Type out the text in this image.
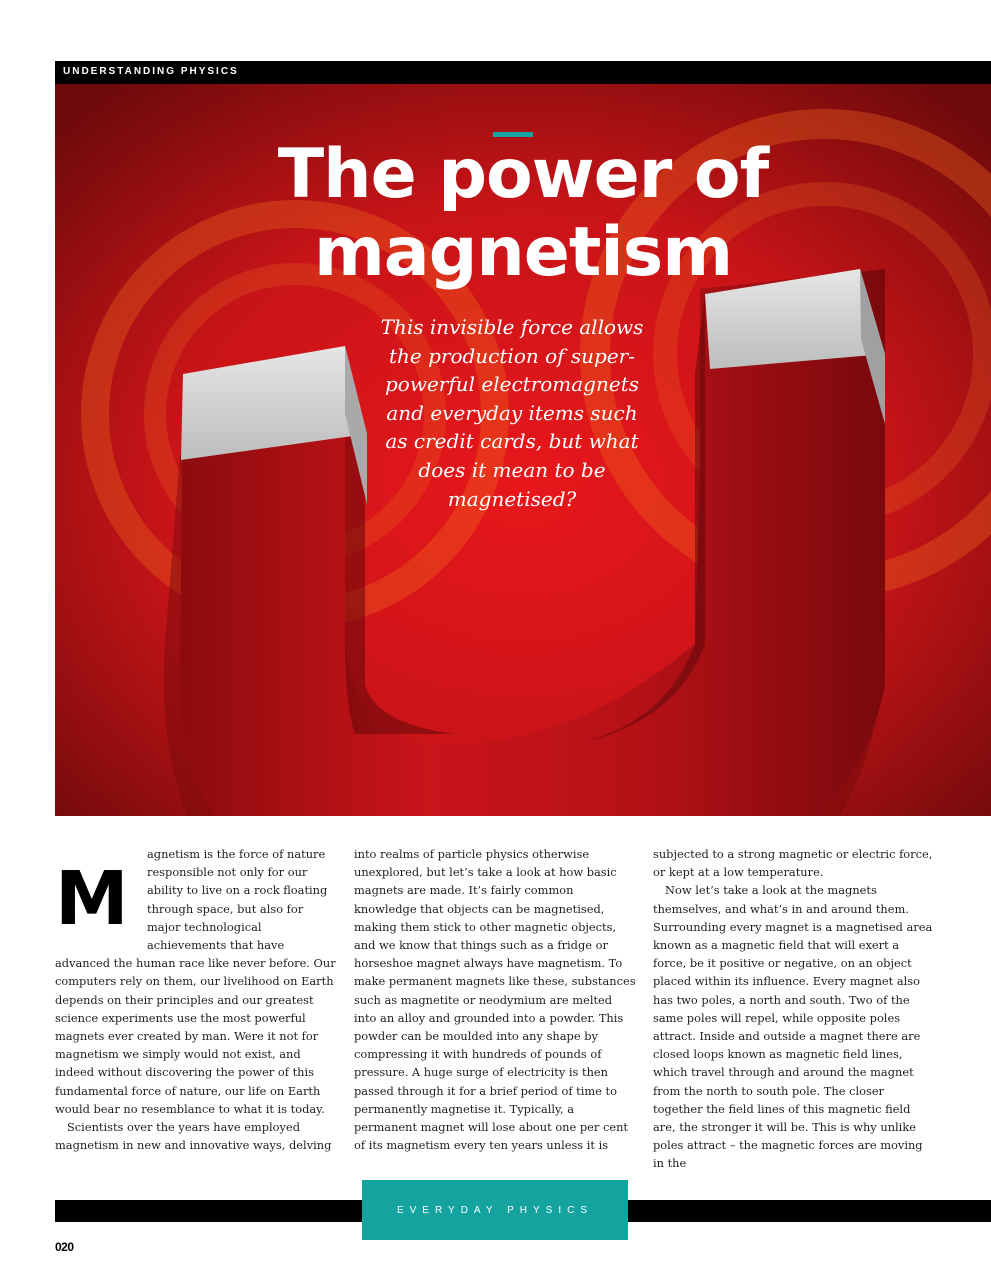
UNDERSTANDING PHYSICS
The power of
magnetism
This invisible force allows the production of super-powerful electromagnets and everyday items such as credit cards, but what does it mean to be magnetised?

M
agnetism is the force of nature responsible not only for our ability to live on a rock floating through space, but also for major technological achievements that have advanced the human race like never before. Our computers rely on them, our livelihood on Earth depends on their principles and our greatest science experiments use the most powerful magnets ever created by man. Were it not for magnetism we simply would not exist, and indeed without discovering the power of this fundamental force of nature, our life on Earth would bear no resemblance to what it is today.

Scientists over the years have employed magnetism in new and innovative ways, delving

into realms of particle physics otherwise unexplored, but let’s take a look at how basic magnets are made. It’s fairly common knowledge that objects can be magnetised, making them stick to other magnetic objects, and we know that things such as a fridge or horseshoe magnet always have magnetism. To make permanent magnets like these, substances such as magnetite or neodymium are melted into an alloy and grounded into a powder. This powder can be moulded into any shape by compressing it with hundreds of pounds of pressure. A huge surge of electricity is then passed through it for a brief period of time to permanently magnetise it. Typically, a permanent magnet will lose about one per cent of its magnetism every ten years unless it is

subjected to a strong magnetic or electric force, or kept at a low temperature.

Now let’s take a look at the magnets themselves, and what’s in and around them. Surrounding every magnet is a magnetised area known as a magnetic field that will exert a force, be it positive or negative, on an object placed within its influence. Every magnet also has two poles, a north and south. Two of the same poles will repel, while opposite poles attract. Inside and outside a magnet there are closed loops known as magnetic field lines, which travel through and around the magnet from the north to south pole. The closer together the field lines of this magnetic field are, the stronger it will be. This is why unlike poles attract – the magnetic forces are moving in the

EVERYDAY PHYSICS
020
